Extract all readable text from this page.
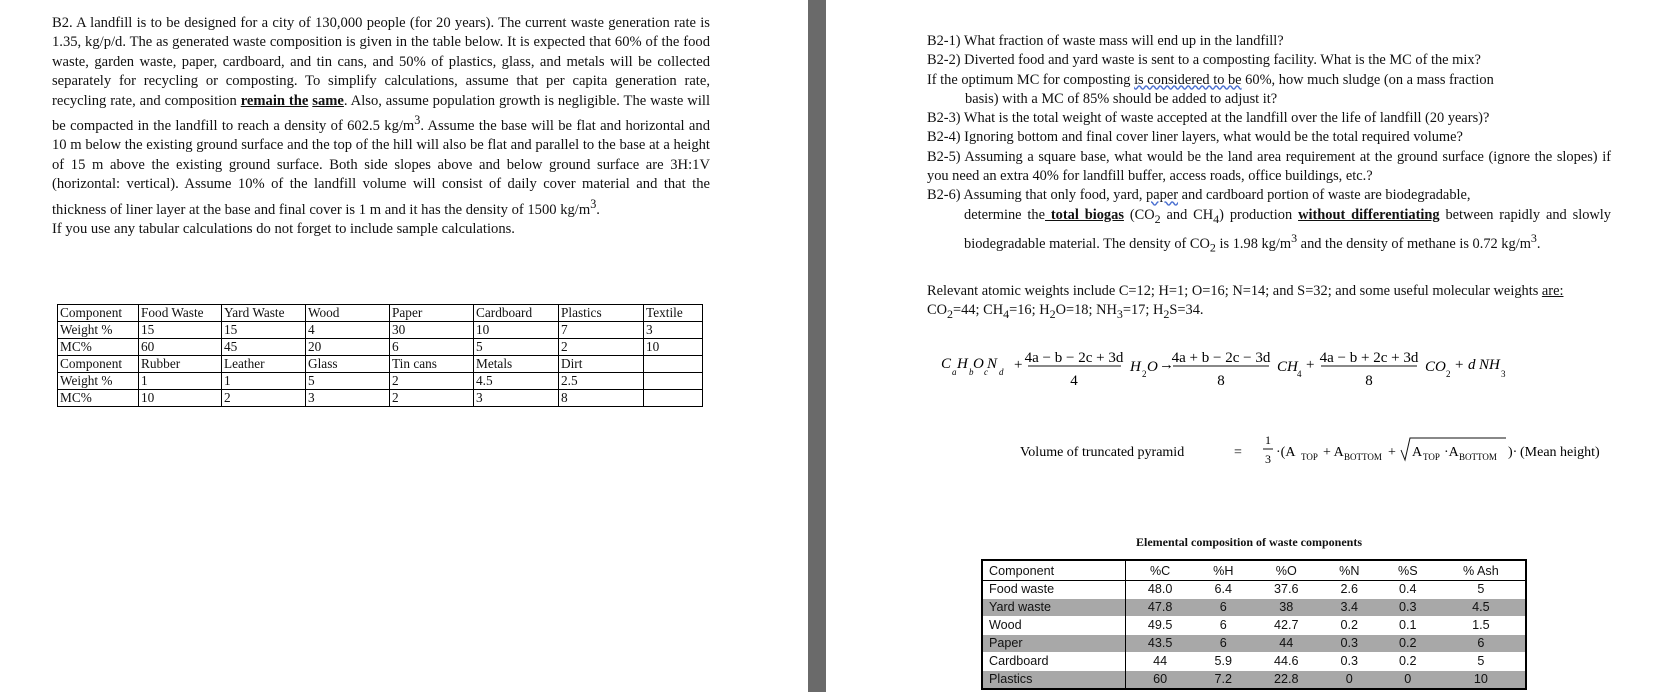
B2. A landfill is to be designed for a city of 130,000 people (for 20 years). The current waste generation rate is 1.35, kg/p/d. The as generated waste composition is given in the table below. It is expected that 60% of the food waste, garden waste, paper, cardboard, and tin cans, and 50% of plastics, glass, and metals will be collected separately for recycling or composting. To simplify calculations, assume that per capita generation rate, recycling rate, and composition remain the same. Also, assume population growth is negligible. The waste will be compacted in the landfill to reach a density of 602.5 $kg/m^3$. Assume the base will be flat and horizontal and 10 m below the existing ground surface and the top of the hill will also be flat and parallel to the base at a height of 15 m above the existing ground surface. Both side slopes above and below ground surface are 3H:1V (horizontal: vertical). Assume 10% of the landfill volume will consist of daily cover material and that the thickness of liner layer at the base and final cover is 1 m and it has the density of 1500 $kg/m^3$.
If you use any tabular calculations do not forget to include sample calculations.

Component	Food Waste	Yard Waste	Wood	Paper	Cardboard	Plastics	Textile
Weight %	15	15	4	30	10	7	3
MC%	60	45	20	6	5	2	10
Component	Rubber	Leather	Glass	Tin cans	Metals	Dirt	
Weight %	1	1	5	2	4.5	2.5	
MC%	10	2	3	2	3	8	

B2-1) What fraction of waste mass will end up in the landfill?

B2-2) Diverted food and yard waste is sent to a composting facility. What is the MC of the mix?

If the optimum MC for composting is considered to be 60%, how much sludge (on a mass fraction

basis) with a MC of 85% should be added to adjust it?

B2-3) What is the total weight of waste accepted at the landfill over the life of landfill (20 years)?

B2-4) Ignoring bottom and final cover liner layers, what would be the total required volume?

B2-5) Assuming a square base, what would be the land area requirement at the ground surface (ignore the slopes) if you need an extra 40% for landfill buffer, access roads, office buildings, etc.?

B2-6) Assuming that only food, yard, paper and cardboard portion of waste are biodegradable,

determine the total biogas ($CO_2$ and $CH_4$) production without differentiating between rapidly and slowly biodegradable material. The density of $CO_2$ is 1.98 $kg/m^3$ and the density of methane is 0.72 $kg/m^3$.

Relevant atomic weights include C=12; H=1; O=16; N=14; and S=32; and some useful molecular weights are: $CO_2=44$; $CH_4=16$; $H_2O=18$; $NH_3=17$; $H_2S=34$.

C a H b O c N d + 4a − b − 2c + 3d
4
H 2 O →
4a + b − 2c − 3d
8
CH 4
+ 4a − b + 2c + 3d
8
CO 2
+ d NH
3
Volume of truncated pyramid	=
1
3 ·(A TOP + A BOTTOM + A TOP ·A BOTTOM )· (Mean height)
Elemental composition of waste components
Component	%C	%H	%O	%N	%S	% Ash
Food waste	48.0	6.4	37.6	2.6	0.4	5
Yard waste	47.8	6	38	3.4	0.3	4.5
Wood	49.5	6	42.7	0.2	0.1	1.5
Paper	43.5	6	44	0.3	0.2	6
Cardboard	44	5.9	44.6	0.3	0.2	5
Plastics	60	7.2	22.8	0	0	10
